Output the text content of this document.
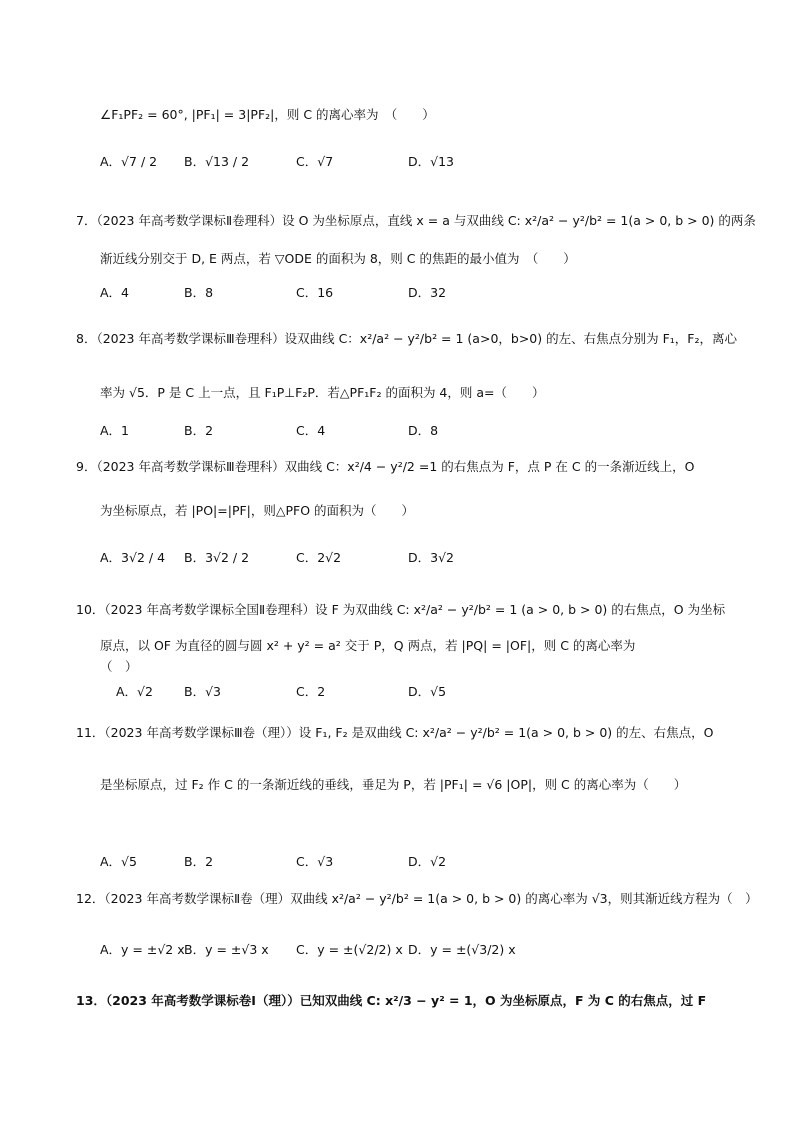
∠F₁PF₂ = 60°, |PF₁| = 3|PF₂|，则 C 的离心率为　（　　）
A．√7 / 2 B．√13 / 2	C．√7	D．√13
7．（2023 年高考数学课标Ⅱ卷理科）设 O 为坐标原点，直线 x = a 与双曲线 C: x²/a² − y²/b² = 1(a > 0, b > 0) 的两条
渐近线分别交于 D, E 两点，若 ▽ODE 的面积为 8，则 C 的焦距的最小值为　（　　）
A．4	B．8	C．16	D．32
8．（2023 年高考数学课标Ⅲ卷理科）设双曲线 C：x²/a² − y²/b² = 1 (a>0，b>0) 的左、右焦点分别为 F₁，F₂，离心
率为 √5．P 是 C 上一点，且 F₁P⊥F₂P．若△PF₁F₂ 的面积为 4，则 a=（　　）
A．1	B．2	C．4	D．8
9．（2023 年高考数学课标Ⅲ卷理科）双曲线 C：x²/4 − y²/2 =1 的右焦点为 F，点 P 在 C 的一条渐近线上，O
为坐标原点，若 |PO|=|PF|，则△PFO 的面积为（　　）
A．3√2 / 4 B．3√2 / 2	C．2√2	D．3√2
10．（2023 年高考数学课标全国Ⅱ卷理科）设 F 为双曲线 C: x²/a² − y²/b² = 1 (a > 0, b > 0) 的右焦点，O 为坐标
原点，以 OF 为直径的圆与圆 x² + y² = a² 交于 P，Q 两点，若 |PQ| = |OF|，则 C 的离心率为
（　）
A．√2 B．√3	C．2	D．√5
11．（2023 年高考数学课标Ⅲ卷（理））设 F₁, F₂ 是双曲线 C: x²/a² − y²/b² = 1(a > 0, b > 0) 的左、右焦点，O
是坐标原点，过 F₂ 作 C 的一条渐近线的垂线，垂足为 P，若 |PF₁| = √6 |OP|，则 C 的离心率为（　　）
A．√5	B．2	C．√3	D．√2
12．（2023 年高考数学课标Ⅱ卷（理）双曲线 x²/a² − y²/b² = 1(a > 0, b > 0) 的离心率为 √3，则其渐近线方程为（　）
A．y = ±√2 x B．y = ±√3 x C．y = ±(√2/2) x D．y = ±(√3/2) x
13．（2023 年高考数学课标卷Ⅰ（理））已知双曲线 C: x²/3 − y² = 1，O 为坐标原点，F 为 C 的右焦点，过 F
